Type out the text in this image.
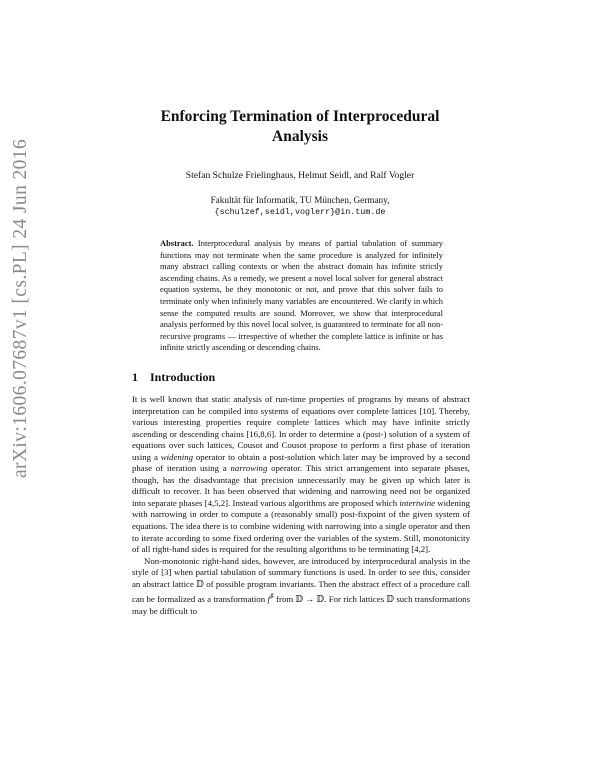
arXiv:1606.07687v1 [cs.PL] 24 Jun 2016
Enforcing Termination of Interprocedural Analysis
Stefan Schulze Frielinghaus, Helmut Seidl, and Ralf Vogler
Fakultät für Informatik, TU München, Germany,
{schulzef,seidl,voglerr}@in.tum.de
Abstract. Interprocedural analysis by means of partial tabulation of summary functions may not terminate when the same procedure is analyzed for infinitely many abstract calling contexts or when the abstract domain has infinite strictly ascending chains. As a remedy, we present a novel local solver for general abstract equation systems, be they monotonic or not, and prove that this solver fails to terminate only when infinitely many variables are encountered. We clarify in which sense the computed results are sound. Moreover, we show that interprocedural analysis performed by this novel local solver, is guaranteed to terminate for all non-recursive programs — irrespective of whether the complete lattice is infinite or has infinite strictly ascending or descending chains.
1 Introduction

It is well known that static analysis of run-time properties of programs by means of abstract interpretation can be compiled into systems of equations over complete lattices [10]. Thereby, various interesting properties require complete lattices which may have infinite strictly ascending or descending chains [16,8,6]. In order to determine a (post-) solution of a system of equations over such lattices, Cousot and Cousot propose to perform a first phase of iteration using a widening operator to obtain a post-solution which later may be improved by a second phase of iteration using a narrowing operator. This strict arrangement into separate phases, though, has the disadvantage that precision unnecessarily may be given up which later is difficult to recover. It has been observed that widening and narrowing need not be organized into separate phases [4,5,2]. Instead various algorithms are proposed which intertwine widening with narrowing in order to compute a (reasonably small) post-fixpoint of the given system of equations. The idea there is to combine widening with narrowing into a single operator and then to iterate according to some fixed ordering over the variables of the system. Still, monotonicity of all right-hand sides is required for the resulting algorithms to be terminating [4,2].

Non-monotonic right-hand sides, however, are introduced by interprocedural analysis in the style of [3] when partial tabulation of summary functions is used. In order to see this, consider an abstract lattice 𝔻 of possible program invariants. Then the abstract effect of a procedure call can be formalized as a transformation f♯ from 𝔻 → 𝔻. For rich lattices 𝔻 such transformations may be difficult to
